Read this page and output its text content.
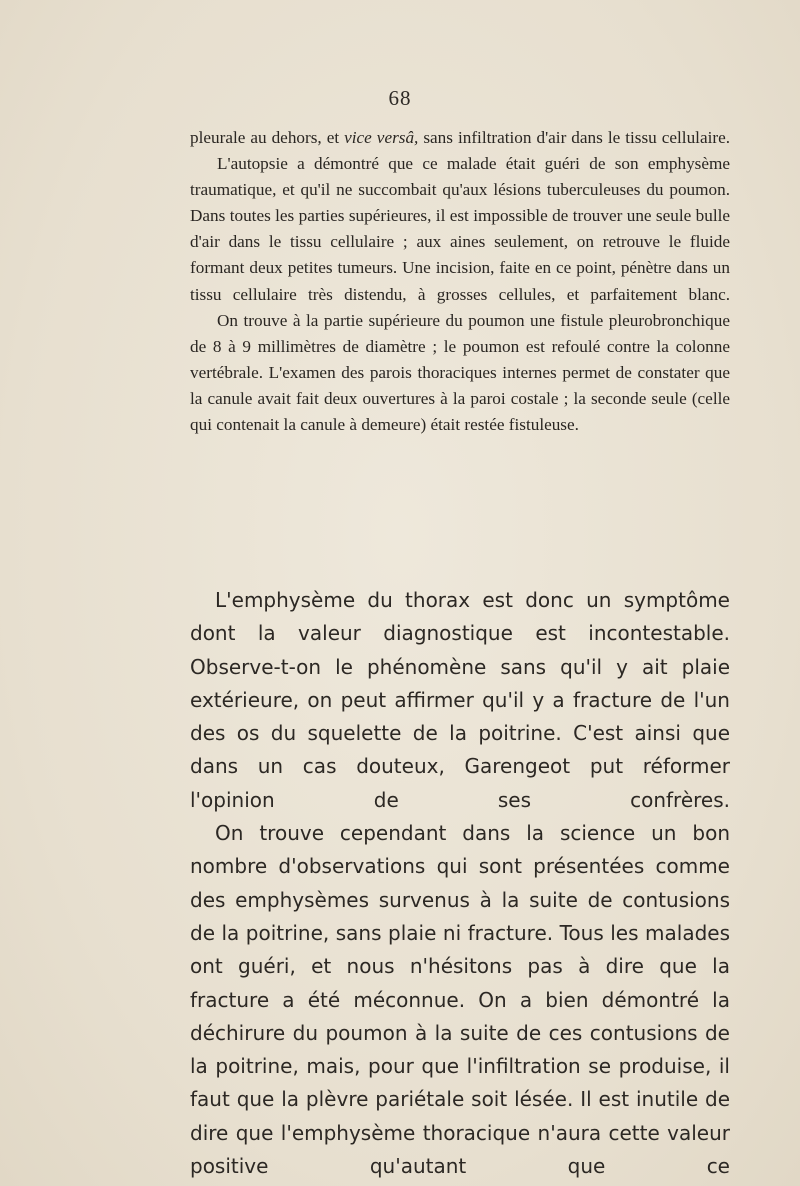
68

pleurale au dehors, et vice versâ, sans infiltration d'air dans le tissu cellulaire.

L'autopsie a démontré que ce malade était guéri de son emphysème traumatique, et qu'il ne succombait qu'aux lésions tuberculeuses du poumon. Dans toutes les parties supérieures, il est impossible de trouver une seule bulle d'air dans le tissu cellulaire ; aux aines seulement, on retrouve le fluide formant deux petites tumeurs. Une incision, faite en ce point, pénètre dans un tissu cellulaire très distendu, à grosses cellules, et parfaitement blanc.

On trouve à la partie supérieure du poumon une fistule pleurobronchique de 8 à 9 millimètres de diamètre ; le poumon est refoulé contre la colonne vertébrale. L'examen des parois thoraciques internes permet de constater que la canule avait fait deux ouvertures à la paroi costale ; la seconde seule (celle qui contenait la canule à demeure) était restée fistuleuse.

L'emphysème du thorax est donc un symptôme dont la valeur diagnostique est incontestable. Observe-t-on le phénomène sans qu'il y ait plaie extérieure, on peut affirmer qu'il y a fracture de l'un des os du squelette de la poitrine. C'est ainsi que dans un cas douteux, Garengeot put réformer l'opinion de ses confrères.

On trouve cependant dans la science un bon nombre d'observations qui sont présentées comme des emphysèmes survenus à la suite de contusions de la poitrine, sans plaie ni fracture. Tous les malades ont guéri, et nous n'hésitons pas à dire que la fracture a été méconnue. On a bien démontré la déchirure du poumon à la suite de ces contusions de la poitrine, mais, pour que l'infiltration se produise, il faut que la plèvre pariétale soit lésée. Il est inutile de dire que l'emphysème thoracique n'aura cette valeur positive qu'autant que ce
